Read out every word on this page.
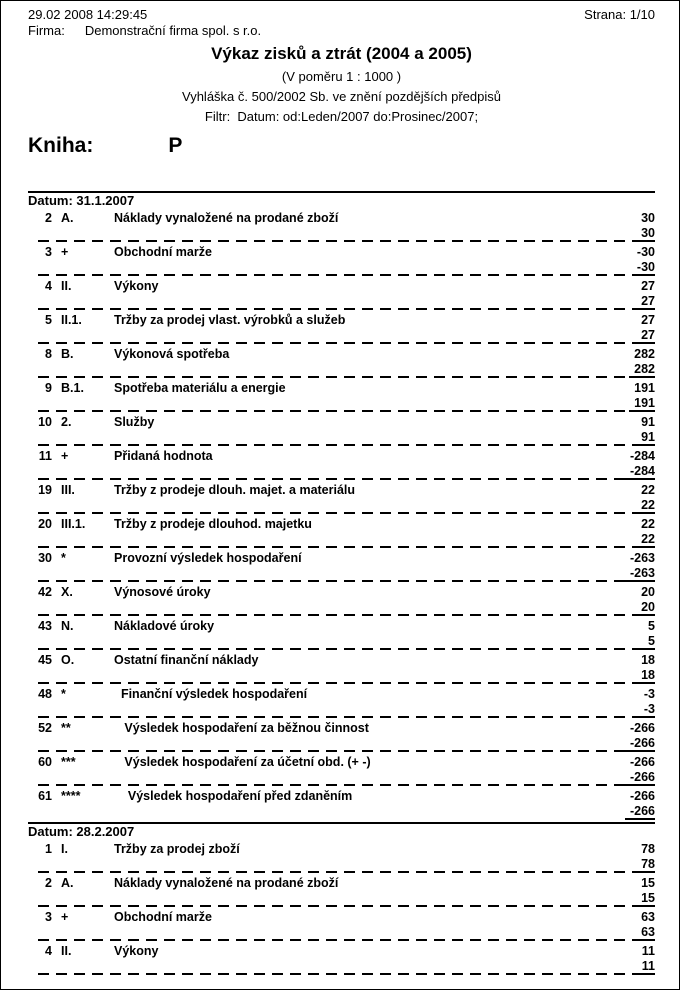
29.02 2008 14:29:45	Strana: 1/10
Firma: Demonstrační firma spol. s r.o.
Výkaz zisků a ztrát (2004 a 2005)
(V poměru 1 : 1000 )
Vyhláška č. 500/2002 Sb. ve znění pozdějších předpisů
Filtr:  Datum: od:Leden/2007 do:Prosinec/2007;
Kniha:	P
Datum: 31.1.2007
2 A.	Náklady vynaložené na prodané zboží	30
30
3 +	Obchodní marže	-30
-30
4 II.	Výkony	27
27
5 II.1.	Tržby za prodej vlast. výrobků a služeb	27
27
8 B.	Výkonová spotřeba	282
282
9 B.1.	Spotřeba materiálu a energie	191
191
10 2.	Služby	91
91
11 +	Přidaná hodnota	-284
-284
19 III.	Tržby z prodeje dlouh. majet. a materiálu	22
22
20 III.1.	Tržby z prodeje dlouhod. majetku	22
22
30 *	Provozní výsledek hospodaření	-263
-263
42 X.	Výnosové úroky	20
20
43 N.	Nákladové úroky	5
5
45 O.	Ostatní finanční náklady	18
18
48 *	Finanční výsledek hospodaření	-3
-3
52 **	Výsledek hospodaření za běžnou činnost	-266
-266
60 ***	Výsledek hospodaření za účetní obd. (+ -)	-266
-266
61 ****	Výsledek hospodaření před zdaněním	-266
-266
Datum: 28.2.2007
1 I.	Tržby za prodej zboží	78
78
2 A.	Náklady vynaložené na prodané zboží	15
15
3 +	Obchodní marže	63
63
4 II.	Výkony	11
11
